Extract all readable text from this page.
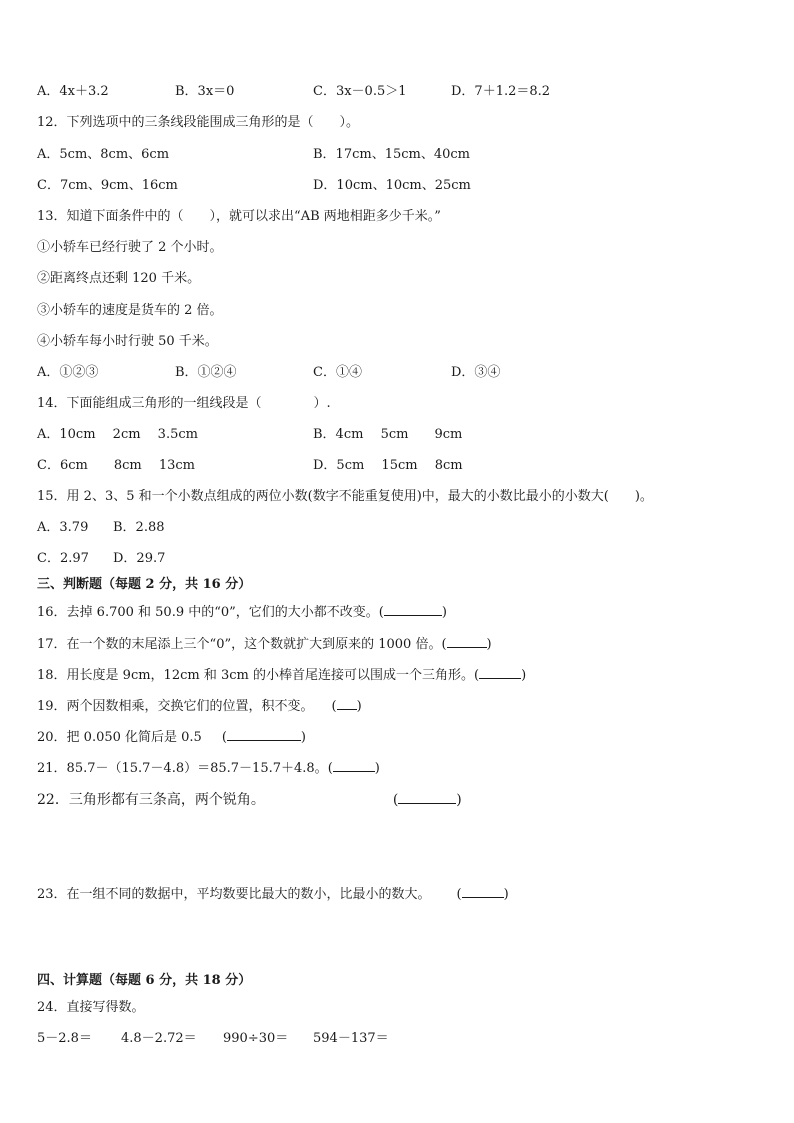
A．4x＋3.2	B．3x＝0	C．3x－0.5＞1	D．7＋1.2＝8.2
12．下列选项中的三条线段能围成三角形的是（　　）。
A．5cm、8cm、6cm	B．17cm、15cm、40cm
C．7cm、9cm、16cm	D．10cm、10cm、25cm
13．知道下面条件中的（　　），就可以求出“AB 两地相距多少千米。”
①小轿车已经行驶了 2 个小时。
②距离终点还剩 120 千米。
③小轿车的速度是货车的 2 倍。
④小轿车每小时行驶 50 千米。
A．①②③	B．①②④	C．①④	D．③④
14．下面能组成三角形的一组线段是（　　　　）.
A．10cm　 2cm　 3.5cm	B．4cm　 5cm　　9cm
C．6cm　　8cm　 13cm	D．5cm　 15cm　 8cm
15．用 2、3、5 和一个小数点组成的两位小数(数字不能重复使用)中，最大的小数比最小的小数大(　　)。
A．3.79 B．2.88
C．2.97 D．29.7
三、判断题（每题 2 分，共 16 分）
16．去掉 6.700 和 50.9 中的“0”，它们的大小都不改变。(	)
17．在一个数的末尾添上三个“0”，这个数就扩大到原来的 1000 倍。(	)
18．用长度是 9cm，12cm 和 3cm 的小棒首尾连接可以围成一个三角形。(	)
19．两个因数相乘，交换它们的位置，积不变。 ( )
20．把 0.050 化简后是 0.5 (	)
21．85.7－（15.7－4.8）＝85.7－15.7＋4.8。(	)
22．三角形都有三条高，两个锐角。	(	)
23．在一组不同的数据中，平均数要比最大的数小，比最小的数大。 (	)
四、计算题（每题 6 分，共 18 分）
24．直接写得数。
5－2.8＝ 4.8－2.72＝ 990÷30＝ 594－137＝
